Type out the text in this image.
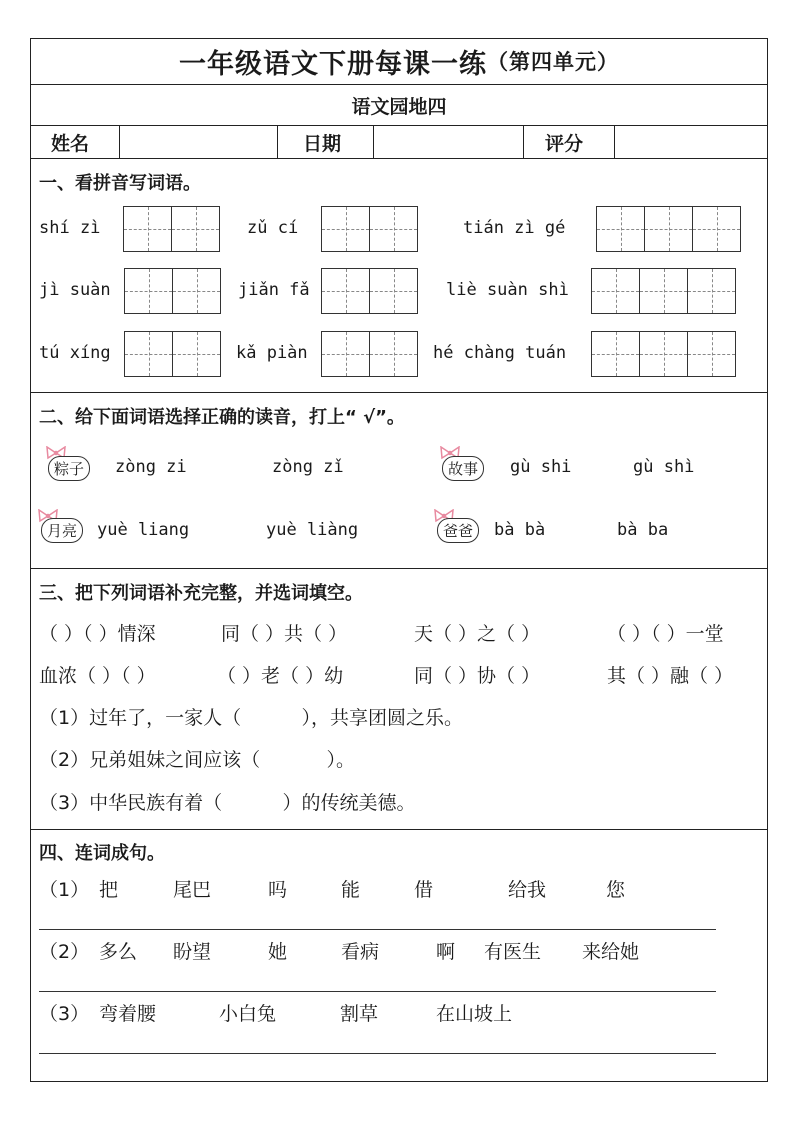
一年级语文下册每课一练 （第四单元）
语文园地四
姓名	日期	评分
一、看拼音写词语。
shí zì	zǔ cí	tián zì gé
jì suàn	jiǎn fǎ	liè suàn shì
tú xíng	kǎ piàn	hé chàng tuán
二、给下面词语选择正确的读音，打上“ √”。
粽子	zòng zi	zòng zǐ	故事	gù shi	gù shì
月亮	yuè liang	yuè liàng	爸爸	bà bà	bà ba
三、把下列词语补充完整，并选词填空。
（ ）（ ）情深	同（ ）共（ ）	天（ ）之（ ）	（ ）（ ）一堂
血浓（ ）（ ）	（ ）老（ ）幼	同（ ）协（ ）	其（ ）融（ ）
（1）过年了，一家人（          ），共享团圆之乐。
（2）兄弟姐妹之间应该（           ）。
（3）中华民族有着（          ）的传统美德。
四、连词成句。
（1） 把	尾巴	吗	能	借	给我	您
（2） 多么 盼望	她	看病	啊 有医生 来给她
（3） 弯着腰	小白兔	割草	在山坡上
